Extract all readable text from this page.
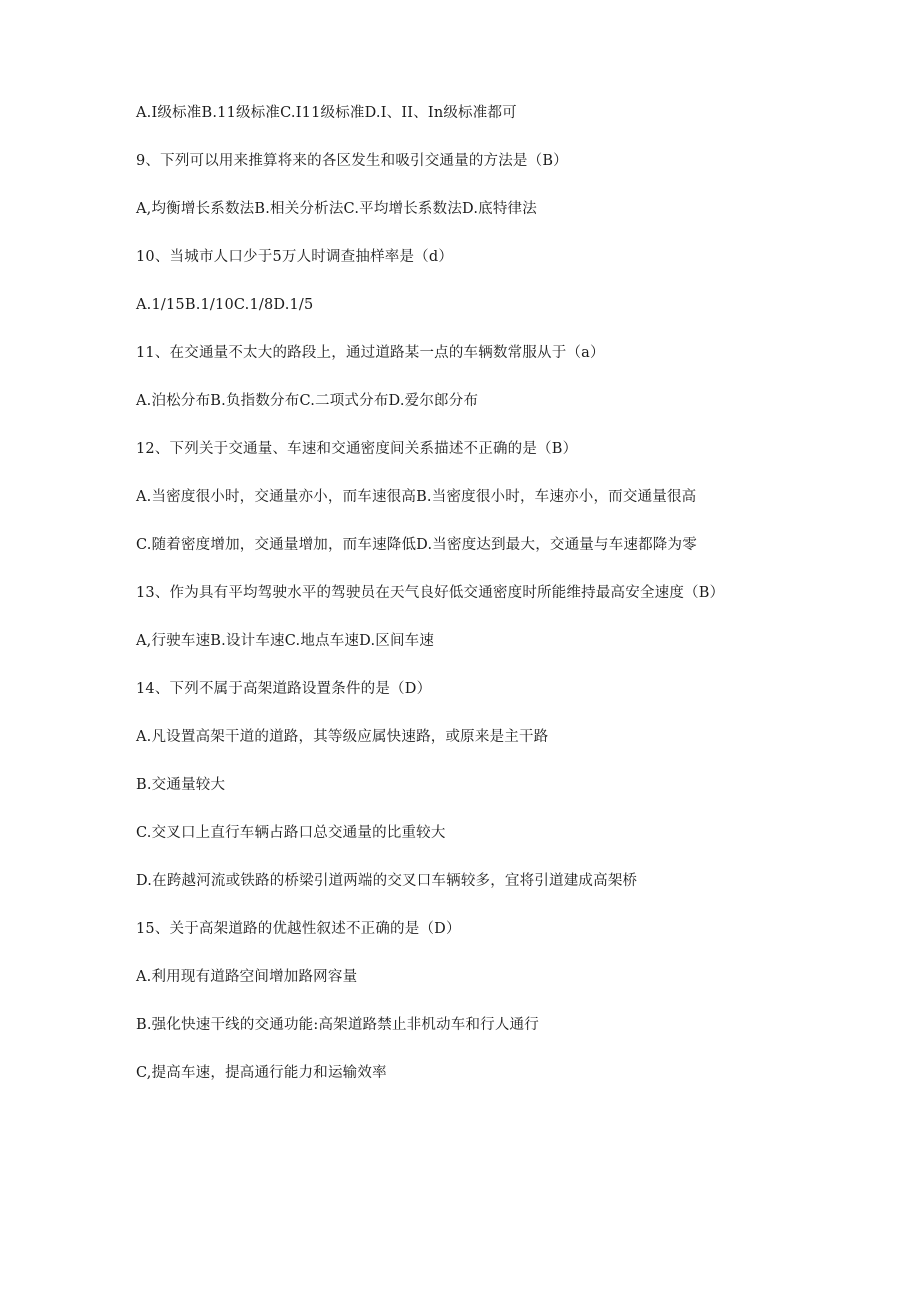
A.I级标准B.11级标准C.I11级标准D.I、II、In级标准都可
9、下列可以用来推算将来的各区发生和吸引交通量的方法是（B）
A,均衡增长系数法B.相关分析法C.平均增长系数法D.底特律法
10、当城市人口少于5万人时调查抽样率是（d）
A.1/15B.1/10C.1/8D.1/5
11、在交通量不太大的路段上，通过道路某一点的车辆数常服从于（a）
A.泊松分布B.负指数分布C.二项式分布D.爱尔郎分布
12、下列关于交通量、车速和交通密度间关系描述不正确的是（B）
A.当密度很小时，交通量亦小，而车速很高B.当密度很小时，车速亦小，而交通量很高
C.随着密度增加，交通量增加，而车速降低D.当密度达到最大，交通量与车速都降为零
13、作为具有平均驾驶水平的驾驶员在天气良好低交通密度时所能维持最高安全速度（B）
A,行驶车速B.设计车速C.地点车速D.区间车速
14、下列不属于高架道路设置条件的是（D）
A.凡设置高架干道的道路，其等级应属快速路，或原来是主干路
B.交通量较大
C.交叉口上直行车辆占路口总交通量的比重较大
D.在跨越河流或铁路的桥梁引道两端的交叉口车辆较多，宜将引道建成高架桥
15、关于高架道路的优越性叙述不正确的是（D）
A.利用现有道路空间增加路网容量
B.强化快速干线的交通功能:高架道路禁止非机动车和行人通行
C,提高车速，提高通行能力和运输效率
